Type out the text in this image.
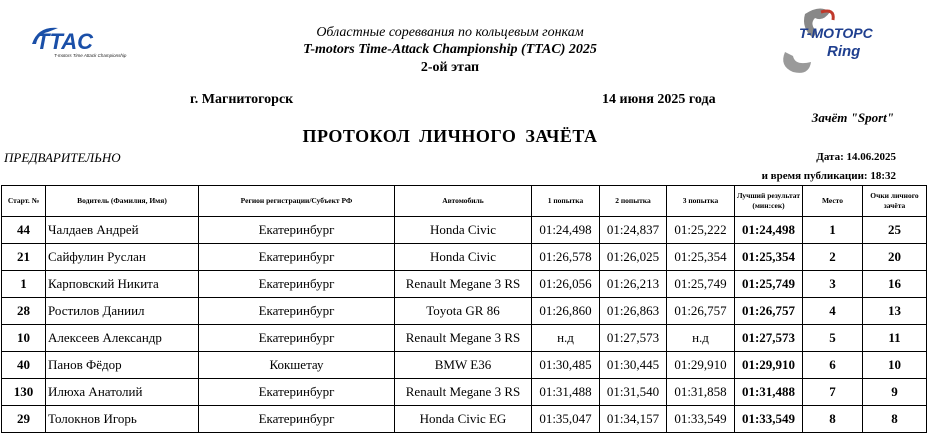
TTAC
T-motors Time Attack Championship
T-МОТОРС
Ring
Областные сореввания по кольцевым гонкам
T-motors Time-Attack Championship (TTAC) 2025
2-ой этап
г. Магнитогорск	14 июня 2025 года
Зачёт "Sport"
ПРОТОКОЛ ЛИЧНОГО ЗАЧЁТА
ПРЕДВАРИТЕЛЬНО	Дата: 14.06.2025
и время публикации: 18:32
Старт. №	Водитель (Фамилия, Имя)	Регион регистрации/Субъект РФ	Автомобиль	1 попытка	2 попытка	3 попытка	Лучший результат (мин:сек)	Место	Очки личного зачёта
44	Чалдаев Андрей	Екатеринбург	Honda Civic	01:24,498	01:24,837	01:25,222	01:24,498	1	25
21	Сайфулин Руслан	Екатеринбург	Honda Civic	01:26,578	01:26,025	01:25,354	01:25,354	2	20
1	Карповский Никита	Екатеринбург	Renault Megane 3 RS	01:26,056	01:26,213	01:25,749	01:25,749	3	16
28	Ростилов Даниил	Екатеринбург	Toyota GR 86	01:26,860	01:26,863	01:26,757	01:26,757	4	13
10	Алексеев Александр	Екатеринбург	Renault Megane 3 RS	н.д	01:27,573	н.д	01:27,573	5	11
40	Панов Фёдор	Кокшетау	BMW E36	01:30,485	01:30,445	01:29,910	01:29,910	6	10
130	Илюха Анатолий	Екатеринбург	Renault Megane 3 RS	01:31,488	01:31,540	01:31,858	01:31,488	7	9
29	Толокнов Игорь	Екатеринбург	Honda Civic EG	01:35,047	01:34,157	01:33,549	01:33,549	8	8
